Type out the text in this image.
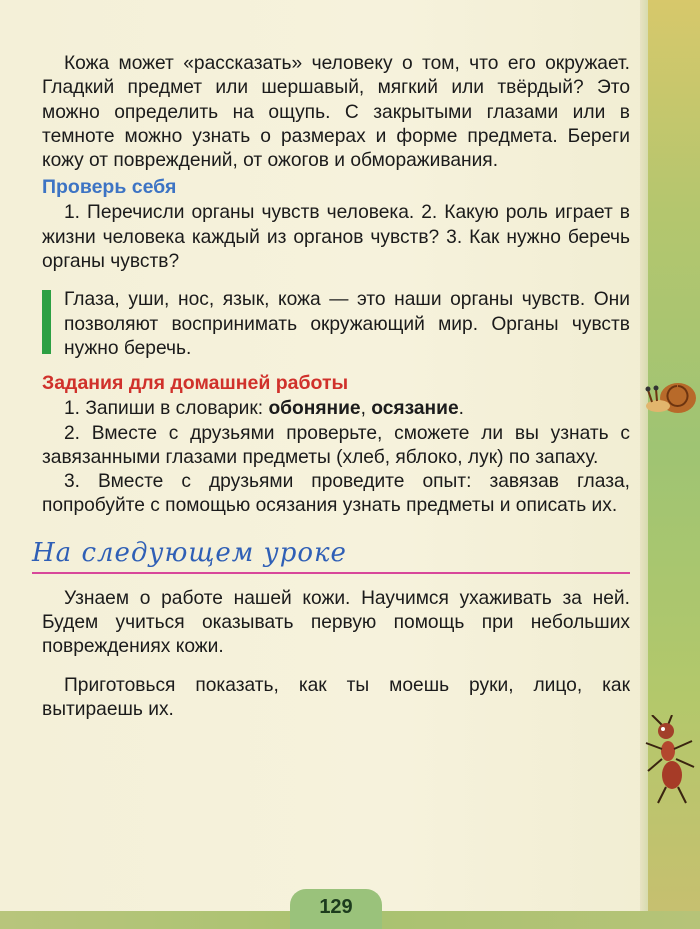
Кожа может «рассказать» человеку о том, что его окружает. Гладкий предмет или шершавый, мягкий или твёрдый? Это можно определить на ощупь. С закрытыми глазами или в темноте можно узнать о размерах и форме предмета. Береги кожу от повреждений, от ожогов и обмораживания.

Проверь себя

1. Перечисли органы чувств человека. 2. Какую роль играет в жизни человека каждый из органов чувств? 3. Как нужно беречь органы чувств?

Глаза, уши, нос, язык, кожа — это наши органы чувств. Они позволяют воспринимать окружающий мир. Органы чувств нужно беречь.

Задания для домашней работы

1. Запиши в словарик: обоняние, осязание.

2. Вместе с друзьями проверьте, сможете ли вы узнать с завязанными глазами предметы (хлеб, яблоко, лук) по запаху.

3. Вместе с друзьями проведите опыт: завязав глаза, попробуйте с помощью осязания узнать предметы и описать их.

На следующем уроке

Узнаем о работе нашей кожи. Научимся ухаживать за ней. Будем учиться оказывать первую помощь при небольших повреждениях кожи.

Приготовься показать, как ты моешь руки, лицо, как вытираешь их.

129
